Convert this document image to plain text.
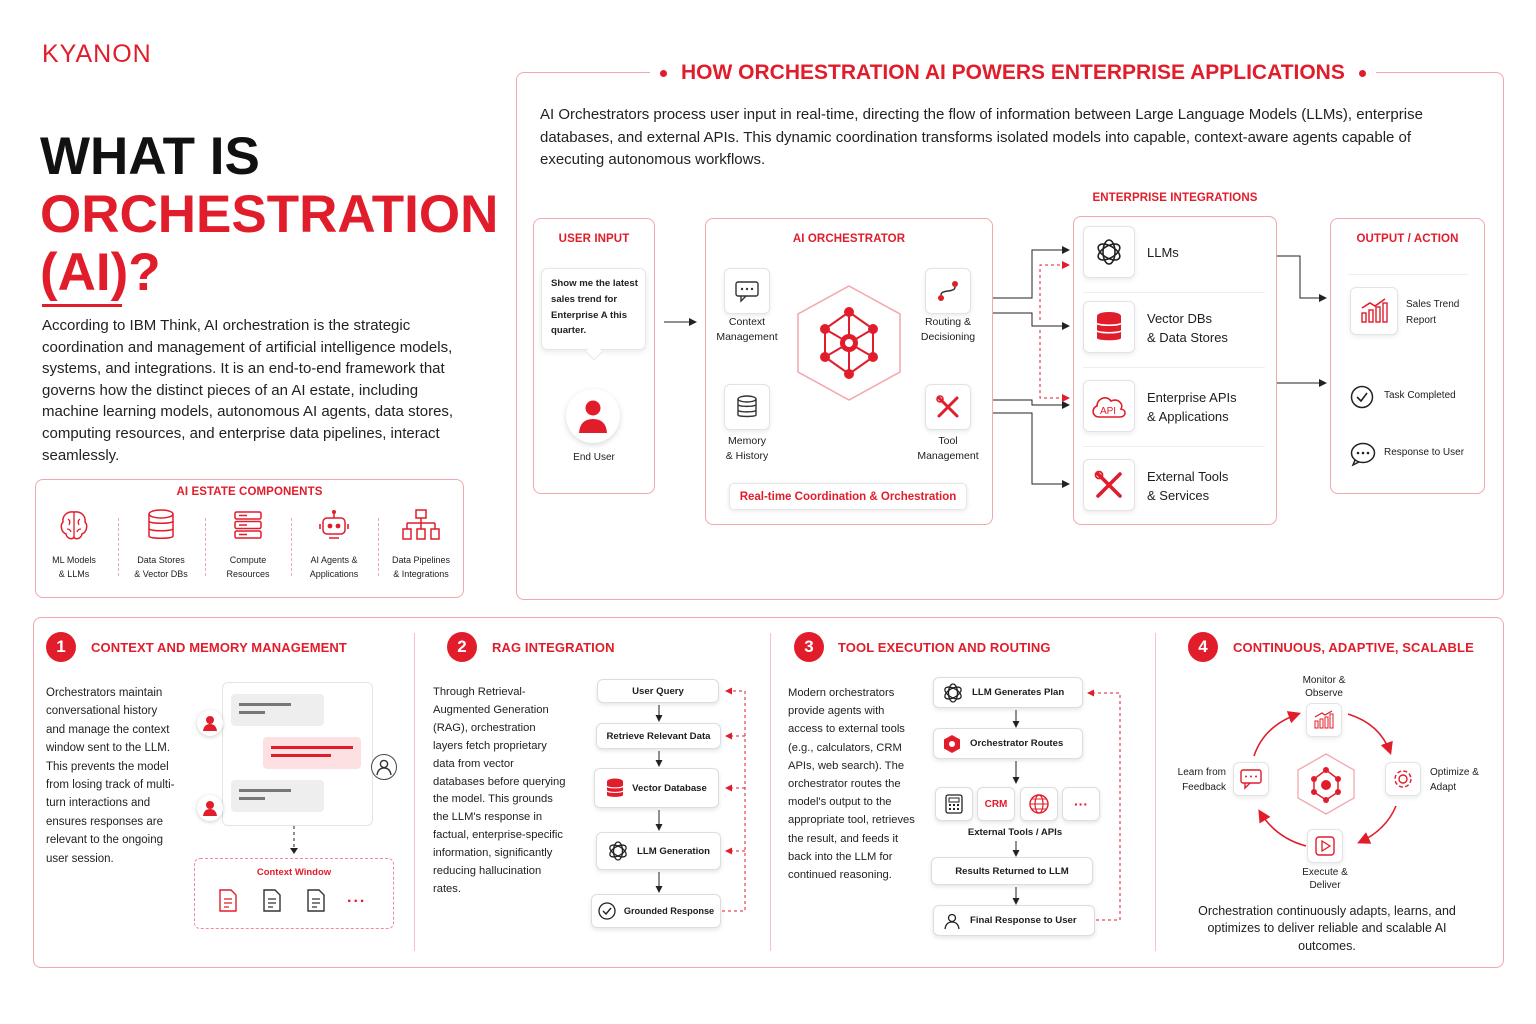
KYANON
WHAT IS
ORCHESTRATION
(AI)?
According to IBM Think, AI orchestration is the strategic coordination and management of artificial intelligence models, systems, and integrations. It is an end-to-end framework that governs how the distinct pieces of an AI estate, including machine learning models, autonomous AI agents, data stores, computing resources, and enterprise data pipelines, interact seamlessly.
AI ESTATE COMPONENTS
ML Models
& LLMs
Data Stores
& Vector DBs
Compute
Resources
AI Agents &
Applications
Data Pipelines
& Integrations
HOW ORCHESTRATION AI POWERS ENTERPRISE APPLICATIONS
AI Orchestrators process user input in real-time, directing the flow of information between Large Language Models (LLMs), enterprise databases, and external APIs. This dynamic coordination transforms isolated models into capable, context-aware agents capable of executing autonomous workflows.
USER INPUT
Show me the latest sales trend for Enterprise A this quarter.
End User
AI ORCHESTRATOR
Context
Management
Routing &
Decisioning
Memory
& History
Tool
Management
Real-time Coordination & Orchestration
ENTERPRISE INTEGRATIONS
LLMs
Vector DBs
& Data Stores
API
Enterprise APIs
& Applications
External Tools
& Services
OUTPUT / ACTION
Sales Trend
Report
Task Completed
Response to User
1	CONTEXT AND MEMORY MANAGEMENT
Orchestrators maintain conversational history and manage the context window sent to the LLM. This prevents the model from losing track of multi-turn interactions and ensures responses are relevant to the ongoing user session.
Context Window
...
2	RAG INTEGRATION
Through Retrieval-Augmented Generation (RAG), orchestration layers fetch proprietary data from vector databases before querying the model. This grounds the LLM's response in factual, enterprise-specific information, significantly reducing hallucination rates.
User Query
Retrieve Relevant Data
Vector Database
LLM Generation
Grounded Response
3	TOOL EXECUTION AND ROUTING
Modern orchestrators provide agents with access to external tools (e.g., calculators, CRM APIs, web search). The orchestrator routes the model's output to the appropriate tool, retrieves the result, and feeds it back into the LLM for continued reasoning.
LLM Generates Plan
Orchestrator Routes
External Tools / APIs
Results Returned to LLM
Final Response to User
CRM	···
4	CONTINUOUS, ADAPTIVE, SCALABLE
Monitor &
Observe
Optimize &
Adapt
Execute &
Deliver
Learn from
Feedback
Orchestration continuously adapts, learns, and optimizes to deliver reliable and scalable AI outcomes.
